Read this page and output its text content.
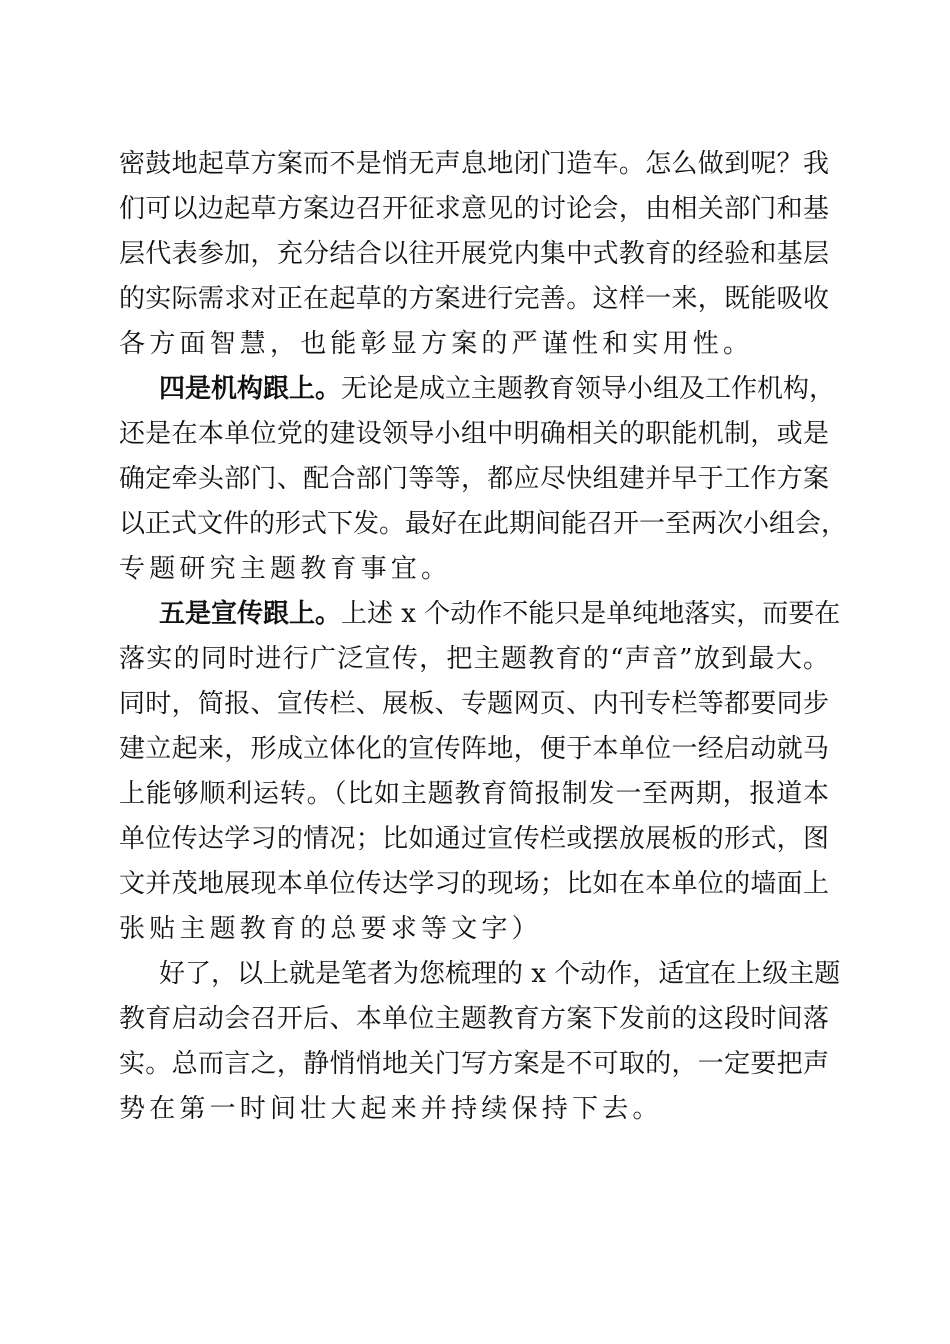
密鼓地起草方案而不是悄无声息地闭门造车。怎么做到呢？我
们可以边起草方案边召开征求意见的讨论会，由相关部门和基
层代表参加，充分结合以往开展党内集中式教育的经验和基层
的实际需求对正在起草的方案进行完善。这样一来，既能吸收
各方面智慧，也能彰显方案的严谨性和实用性。
四是机构跟上。无论是成立主题教育领导小组及工作机构，
还是在本单位党的建设领导小组中明确相关的职能机制，或是
确定牵头部门、配合部门等等，都应尽快组建并早于工作方案
以正式文件的形式下发。最好在此期间能召开一至两次小组会，
专题研究主题教育事宜。
五是宣传跟上。上述 x 个动作不能只是单纯地落实，而要在
落实的同时进行广泛宣传，把主题教育的“声音”放到最大。
同时，简报、宣传栏、展板、专题网页、内刊专栏等都要同步
建立起来，形成立体化的宣传阵地，便于本单位一经启动就马
上能够顺利运转。（比如主题教育简报制发一至两期，报道本
单位传达学习的情况；比如通过宣传栏或摆放展板的形式，图
文并茂地展现本单位传达学习的现场；比如在本单位的墙面上
张贴主题教育的总要求等文字）
好了，以上就是笔者为您梳理的 x 个动作，适宜在上级主题
教育启动会召开后、本单位主题教育方案下发前的这段时间落
实。总而言之，静悄悄地关门写方案是不可取的，一定要把声
势在第一时间壮大起来并持续保持下去。
